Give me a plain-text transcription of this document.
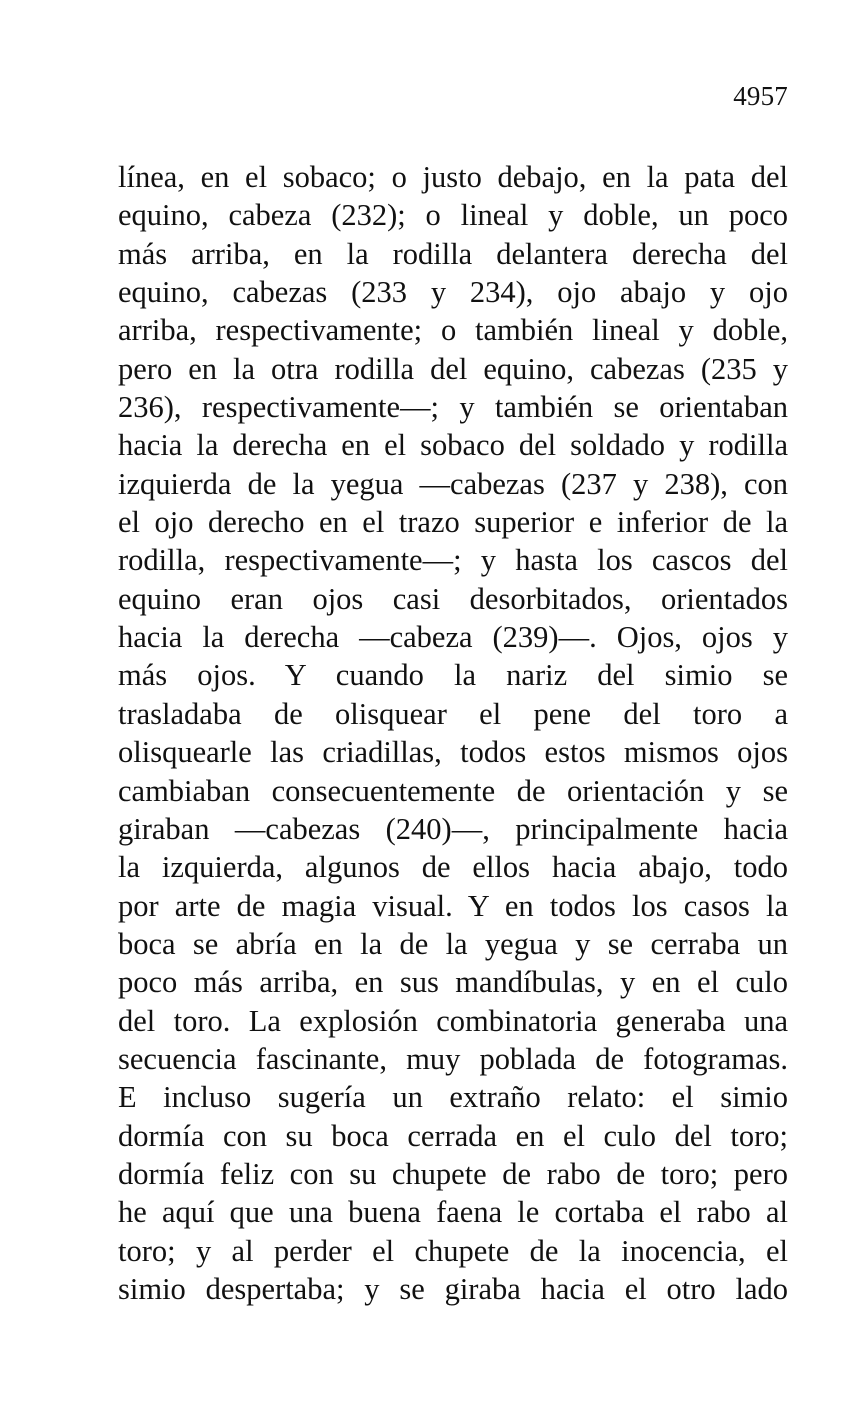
4957
línea, en el sobaco; o justo debajo, en la pata del
equino, cabeza (232); o lineal y doble, un poco
más arriba, en la rodilla delantera derecha del
equino, cabezas (233 y 234), ojo abajo y ojo
arriba, respectivamente; o también lineal y doble,
pero en la otra rodilla del equino, cabezas (235 y
236), respectivamente—; y también se orientaban
hacia la derecha en el sobaco del soldado y rodilla
izquierda de la yegua —cabezas (237 y 238), con
el ojo derecho en el trazo superior e inferior de la
rodilla, respectivamente—; y hasta los cascos del
equino eran ojos casi desorbitados, orientados
hacia la derecha —cabeza (239)—. Ojos, ojos y
más ojos. Y cuando la nariz del simio se
trasladaba de olisquear el pene del toro a
olisquearle las criadillas, todos estos mismos ojos
cambiaban consecuentemente de orientación y se
giraban —cabezas (240)—, principalmente hacia
la izquierda, algunos de ellos hacia abajo, todo
por arte de magia visual. Y en todos los casos la
boca se abría en la de la yegua y se cerraba un
poco más arriba, en sus mandíbulas, y en el culo
del toro. La explosión combinatoria generaba una
secuencia fascinante, muy poblada de fotogramas.
E incluso sugería un extraño relato: el simio
dormía con su boca cerrada en el culo del toro;
dormía feliz con su chupete de rabo de toro; pero
he aquí que una buena faena le cortaba el rabo al
toro; y al perder el chupete de la inocencia, el
simio despertaba; y se giraba hacia el otro lado
